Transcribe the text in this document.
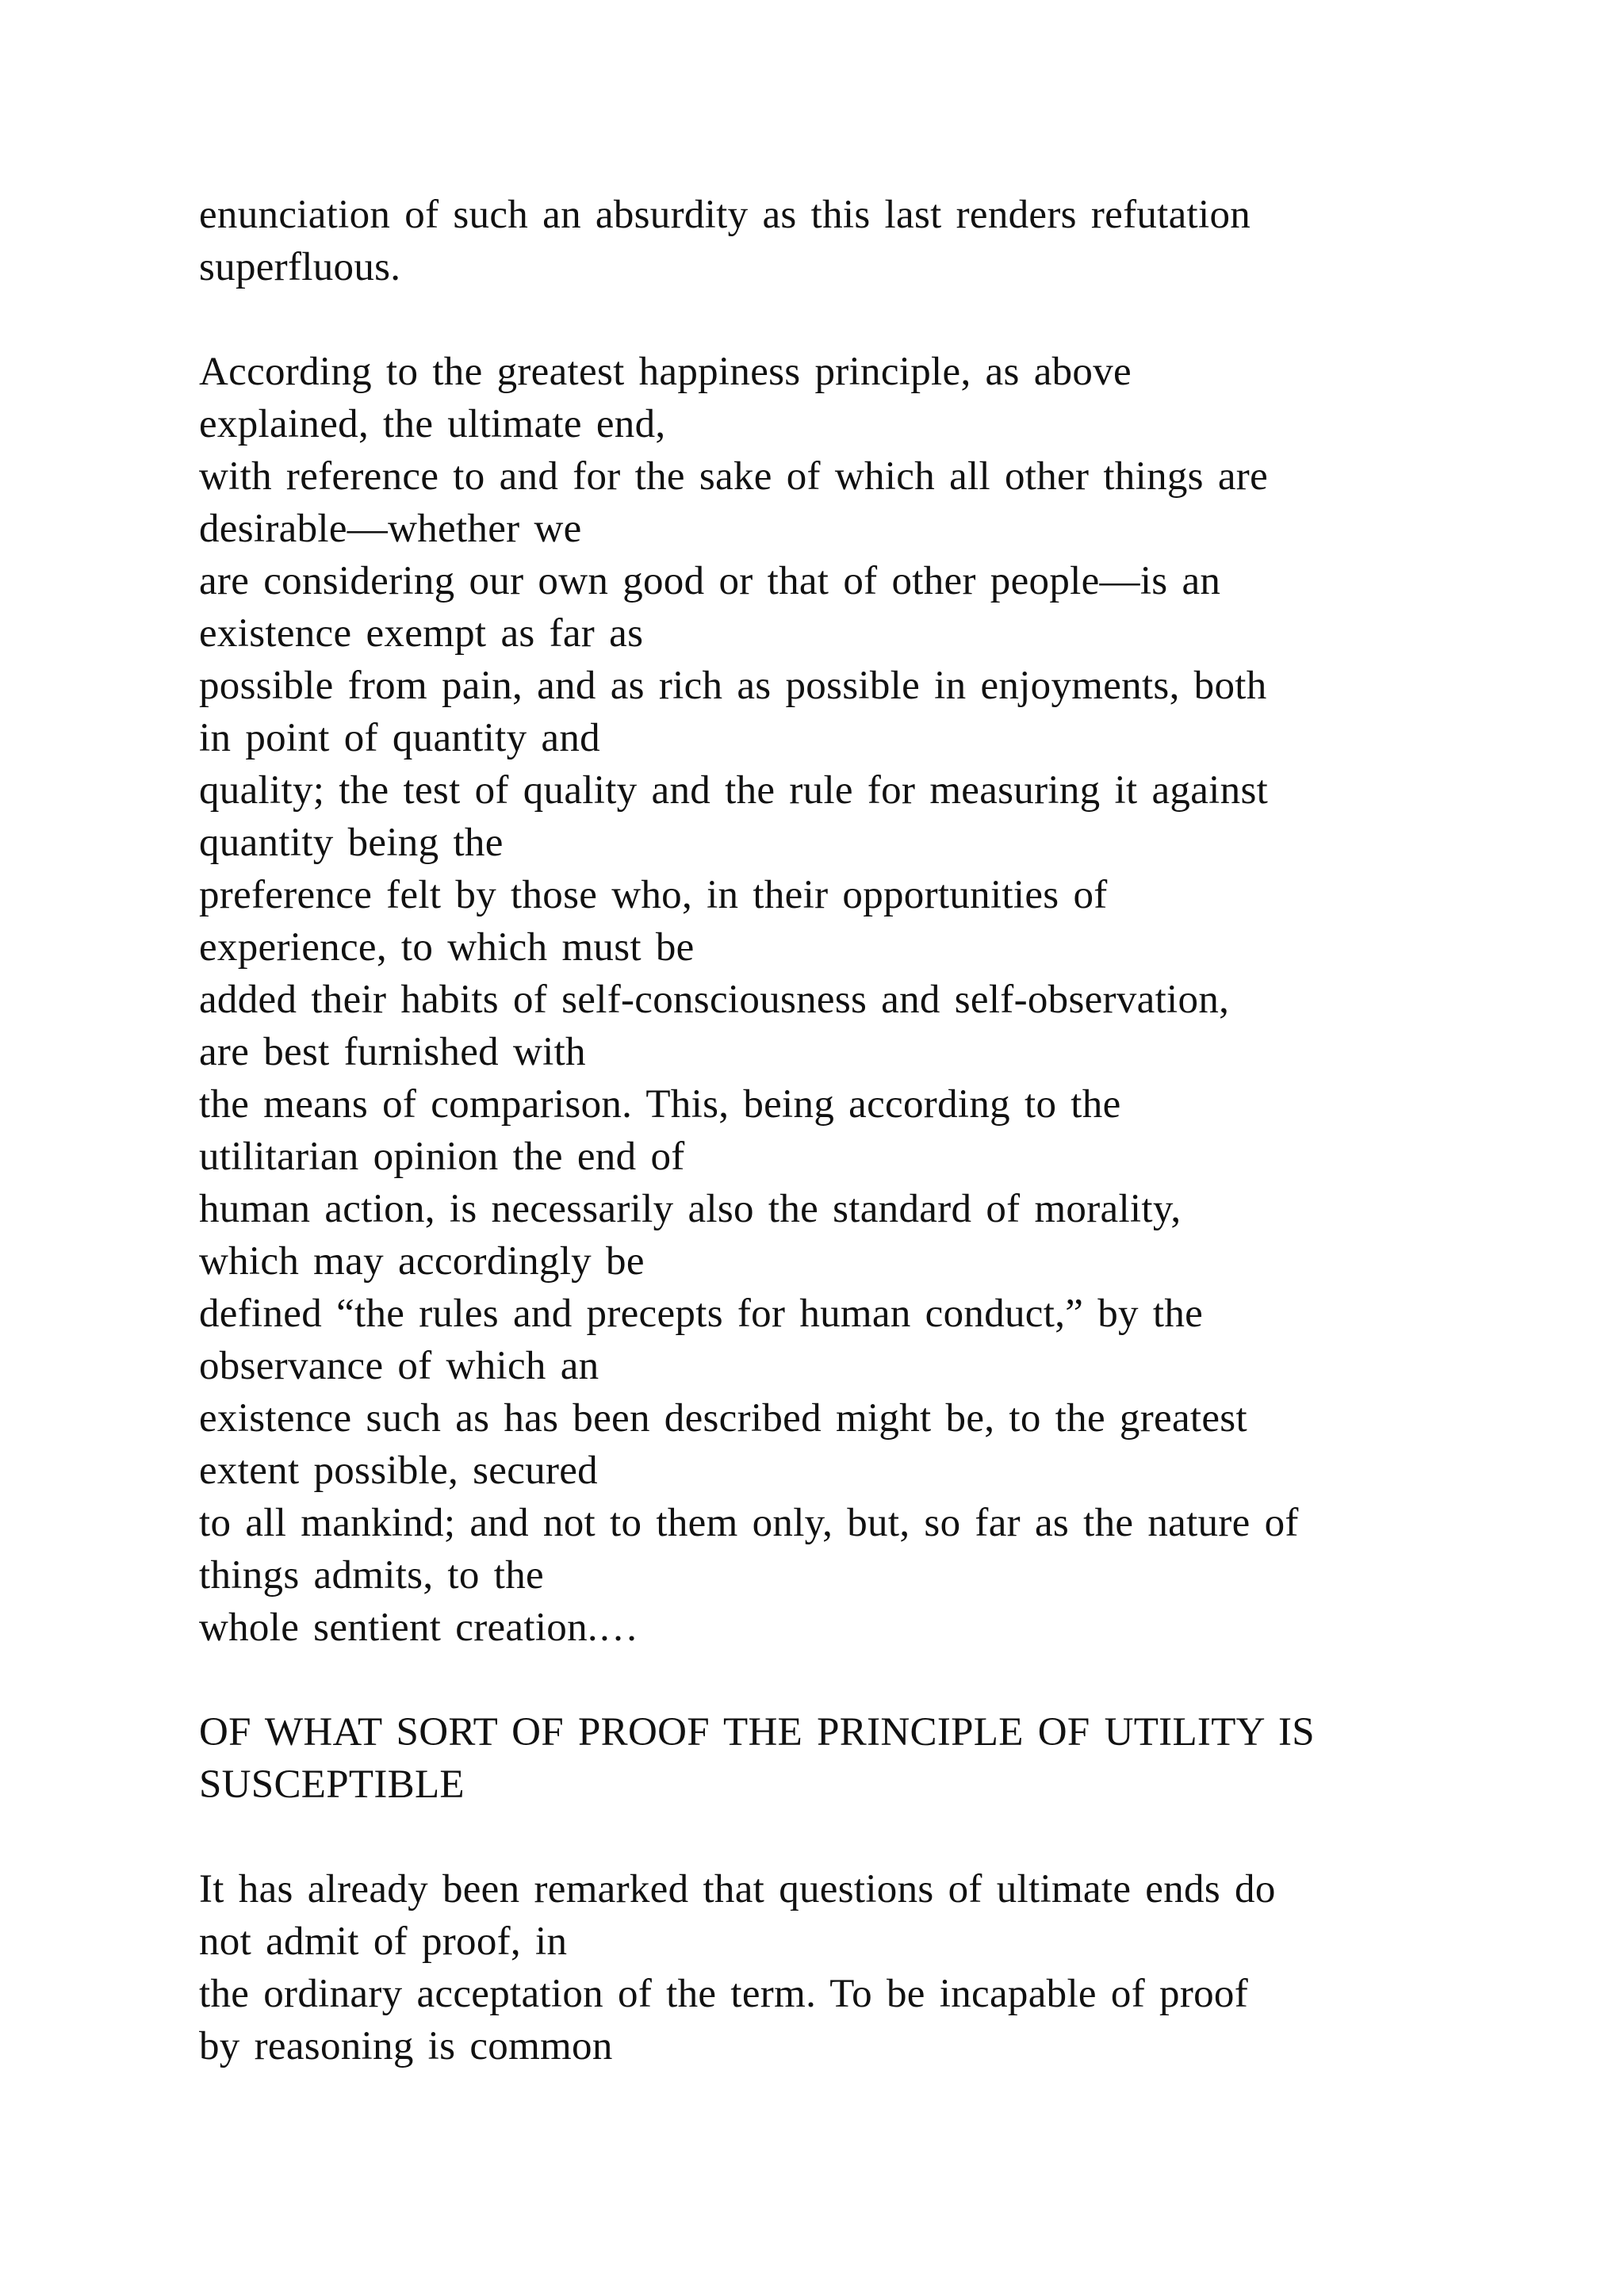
enunciation of such an absurdity as this last renders refutation
superfluous.
According to the greatest happiness principle, as above
explained, the ultimate end,
with reference to and for the sake of which all other things are
desirable—whether we
are considering our own good or that of other people—is an
existence exempt as far as
possible from pain, and as rich as possible in enjoyments, both
in point of quantity and
quality; the test of quality and the rule for measuring it against
quantity being the
preference felt by those who, in their opportunities of
experience, to which must be
added their habits of self-consciousness and self-observation,
are best furnished with
the means of comparison. This, being according to the
utilitarian opinion the end of
human action, is necessarily also the standard of morality,
which may accordingly be
defined “the rules and precepts for human conduct,” by the
observance of which an
existence such as has been described might be, to the greatest
extent possible, secured
to all mankind; and not to them only, but, so far as the nature of
things admits, to the
whole sentient creation.…
OF WHAT SORT OF PROOF THE PRINCIPLE OF UTILITY IS
SUSCEPTIBLE
It has already been remarked that questions of ultimate ends do
not admit of proof, in
the ordinary acceptation of the term. To be incapable of proof
by reasoning is common
